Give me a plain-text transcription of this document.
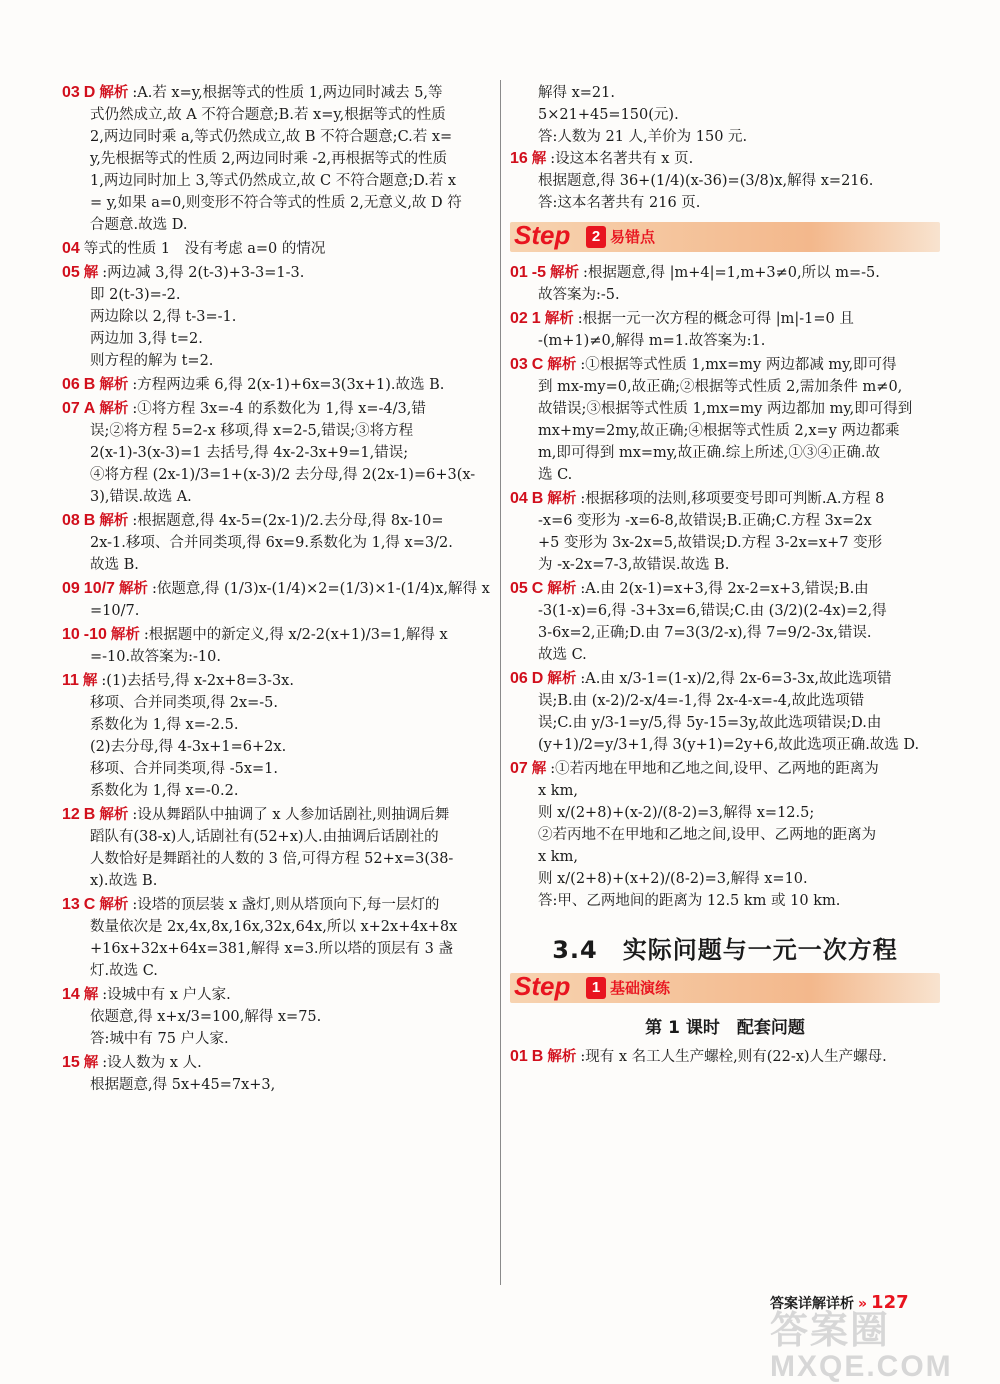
03 D 解析 :A.若 x=y,根据等式的性质 1,两边同时减去 5,等
式仍然成立,故 A 不符合题意;B.若 x=y,根据等式的性质
2,两边同时乘 a,等式仍然成立,故 B 不符合题意;C.若 x=
y,先根据等式的性质 2,两边同时乘 -2,再根据等式的性质
1,两边同时加上 3,等式仍然成立,故 C 不符合题意;D.若 x
= y,如果 a=0,则变形不符合等式的性质 2,无意义,故 D 符
合题意.故选 D.
04 等式的性质 1　没有考虑 a=0 的情况
05 解 :两边减 3,得 2(t-3)+3-3=1-3.
即 2(t-3)=-2.
两边除以 2,得 t-3=-1.
两边加 3,得 t=2.
则方程的解为 t=2.
06 B 解析 :方程两边乘 6,得 2(x-1)+6x=3(3x+1).故选 B.
07 A 解析 :①将方程 3x=-4 的系数化为 1,得 x=-4/3,错
误;②将方程 5=2-x 移项,得 x=2-5,错误;③将方程
2(x-1)-3(x-3)=1 去括号,得 4x-2-3x+9=1,错误;
④将方程 (2x-1)/3=1+(x-3)/2 去分母,得 2(2x-1)=6+3(x-
3),错误.故选 A.
08 B 解析 :根据题意,得 4x-5=(2x-1)/2.去分母,得 8x-10=
2x-1.移项、合并同类项,得 6x=9.系数化为 1,得 x=3/2.
故选 B.
09 10/7 解析 :依题意,得 (1/3)x-(1/4)×2=(1/3)×1-(1/4)x,解得 x
=10/7.
10 -10 解析 :根据题中的新定义,得 x/2-2(x+1)/3=1,解得 x
=-10.故答案为:-10.
11 解 :(1)去括号,得 x-2x+8=3-3x.
移项、合并同类项,得 2x=-5.
系数化为 1,得 x=-2.5.
(2)去分母,得 4-3x+1=6+2x.
移项、合并同类项,得 -5x=1.
系数化为 1,得 x=-0.2.
12 B 解析 :设从舞蹈队中抽调了 x 人参加话剧社,则抽调后舞
蹈队有(38-x)人,话剧社有(52+x)人.由抽调后话剧社的
人数恰好是舞蹈社的人数的 3 倍,可得方程 52+x=3(38-
x).故选 B.
13 C 解析 :设塔的顶层装 x 盏灯,则从塔顶向下,每一层灯的
数量依次是 2x,4x,8x,16x,32x,64x,所以 x+2x+4x+8x
+16x+32x+64x=381,解得 x=3.所以塔的顶层有 3 盏
灯.故选 C.
14 解 :设城中有 x 户人家.
依题意,得 x+x/3=100,解得 x=75.
答:城中有 75 户人家.
15 解 :设人数为 x 人.
根据题意,得 5x+45=7x+3,
解得 x=21.
5×21+45=150(元).
答:人数为 21 人,羊价为 150 元.
16 解 :设这本名著共有 x 页.
根据题意,得 36+(1/4)(x-36)=(3/8)x,解得 x=216.
答:这本名著共有 216 页.
Step	2 易错点
01 -5 解析 :根据题意,得 |m+4|=1,m+3≠0,所以 m=-5.
故答案为:-5.
02 1 解析 :根据一元一次方程的概念可得 |m|-1=0 且
-(m+1)≠0,解得 m=1.故答案为:1.
03 C 解析 :①根据等式性质 1,mx=my 两边都减 my,即可得
到 mx-my=0,故正确;②根据等式性质 2,需加条件 m≠0,
故错误;③根据等式性质 1,mx=my 两边都加 my,即可得到
mx+my=2my,故正确;④根据等式性质 2,x=y 两边都乘
m,即可得到 mx=my,故正确.综上所述,①③④正确.故
选 C.
04 B 解析 :根据移项的法则,移项要变号即可判断.A.方程 8
-x=6 变形为 -x=6-8,故错误;B.正确;C.方程 3x=2x
+5 变形为 3x-2x=5,故错误;D.方程 3-2x=x+7 变形
为 -x-2x=7-3,故错误.故选 B.
05 C 解析 :A.由 2(x-1)=x+3,得 2x-2=x+3,错误;B.由
-3(1-x)=6,得 -3+3x=6,错误;C.由 (3/2)(2-4x)=2,得
3-6x=2,正确;D.由 7=3(3/2-x),得 7=9/2-3x,错误.
故选 C.
06 D 解析 :A.由 x/3-1=(1-x)/2,得 2x-6=3-3x,故此选项错
误;B.由 (x-2)/2-x/4=-1,得 2x-4-x=-4,故此选项错
误;C.由 y/3-1=y/5,得 5y-15=3y,故此选项错误;D.由
(y+1)/2=y/3+1,得 3(y+1)=2y+6,故此选项正确.故选 D.
07 解 :①若丙地在甲地和乙地之间,设甲、乙两地的距离为
x km,
则 x/(2+8)+(x-2)/(8-2)=3,解得 x=12.5;
②若丙地不在甲地和乙地之间,设甲、乙两地的距离为
x km,
则 x/(2+8)+(x+2)/(8-2)=3,解得 x=10.
答:甲、乙两地间的距离为 12.5 km 或 10 km.
3.4　实际问题与一元一次方程
Step	1 基础演练
第 1 课时　配套问题
01 B 解析 :现有 x 名工人生产螺栓,则有(22-x)人生产螺母.
答案详解详析 » 127
答案圈
MXQE.COM
